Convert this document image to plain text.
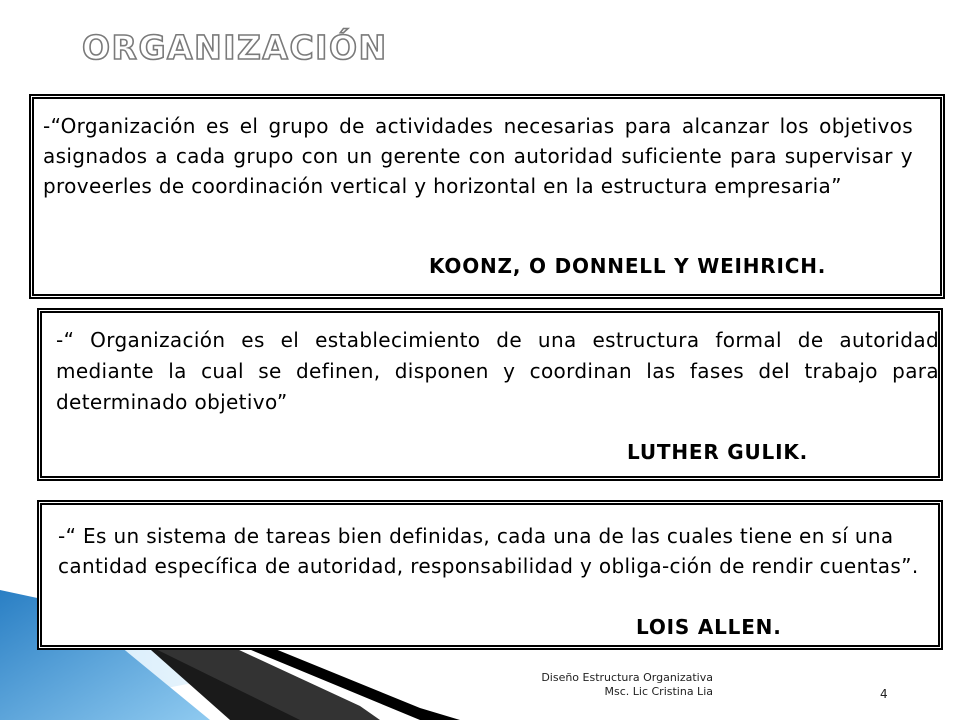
ORGANIZACIÓN

-“Organización es el grupo de actividades necesarias para alcanzar los objetivos asignados a cada grupo con un gerente con autoridad suficiente para supervisar y proveerles de coordinación vertical y horizontal en la estructura empresaria”

KOONZ, O DONNELL Y WEIHRICH.

-“ Organización es el establecimiento de una estructura formal de autoridad mediante la cual se definen, disponen y coordinan las fases del trabajo para determinado objetivo”

LUTHER GULIK.

-“ Es un sistema de tareas bien definidas, cada una de las cuales tiene en sí una cantidad específica de autoridad, responsabilidad y obliga-ción de rendir cuentas”.

LOIS ALLEN.

Diseño Estructura Organizativa
Msc. Lic Cristina Lia	4
